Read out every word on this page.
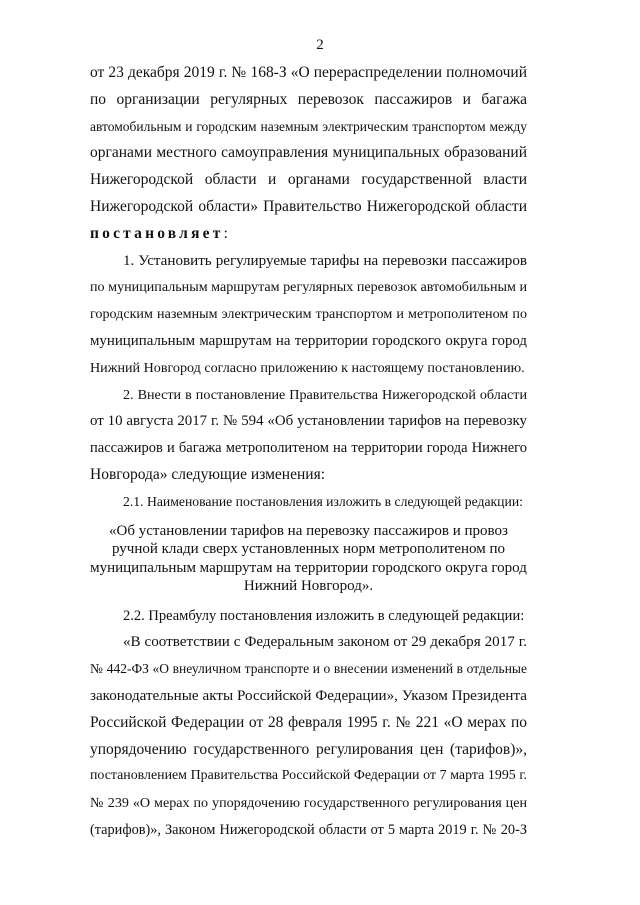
2
от 23 декабря 2019 г. № 168-З «О перераспределении полномочий
по организации регулярных перевозок пассажиров и багажа
автомобильным и городским наземным электрическим транспортом между
органами местного самоуправления муниципальных образований
Нижегородской области и органами государственной власти
Нижегородской области» Правительство Нижегородской области
постановляет:
1. Установить регулируемые тарифы на перевозки пассажиров
по муниципальным маршрутам регулярных перевозок автомобильным и
городским наземным электрическим транспортом и метрополитеном по
муниципальным маршрутам на территории городского округа город
Нижний Новгород согласно приложению к настоящему постановлению.
2. Внести в постановление Правительства Нижегородской области
от 10 августа 2017 г. № 594 «Об установлении тарифов на перевозку
пассажиров и багажа метрополитеном на территории города Нижнего
Новгорода» следующие изменения:
2.1. Наименование постановления изложить в следующей редакции:
«Об установлении тарифов на перевозку пассажиров и провоз
ручной клади сверх установленных норм метрополитеном по
муниципальным маршрутам на территории городского округа город
Нижний Новгород».
2.2. Преамбулу постановления изложить в следующей редакции:
«В соответствии с Федеральным законом от 29 декабря 2017 г.
№ 442-ФЗ «О внеуличном транспорте и о внесении изменений в отдельные
законодательные акты Российской Федерации», Указом Президента
Российской Федерации от 28 февраля 1995 г. № 221 «О мерах по
упорядочению государственного регулирования цен (тарифов)»,
постановлением Правительства Российской Федерации от 7 марта 1995 г.
№ 239 «О мерах по упорядочению государственного регулирования цен
(тарифов)», Законом Нижегородской области от 5 марта 2019 г. № 20-З
